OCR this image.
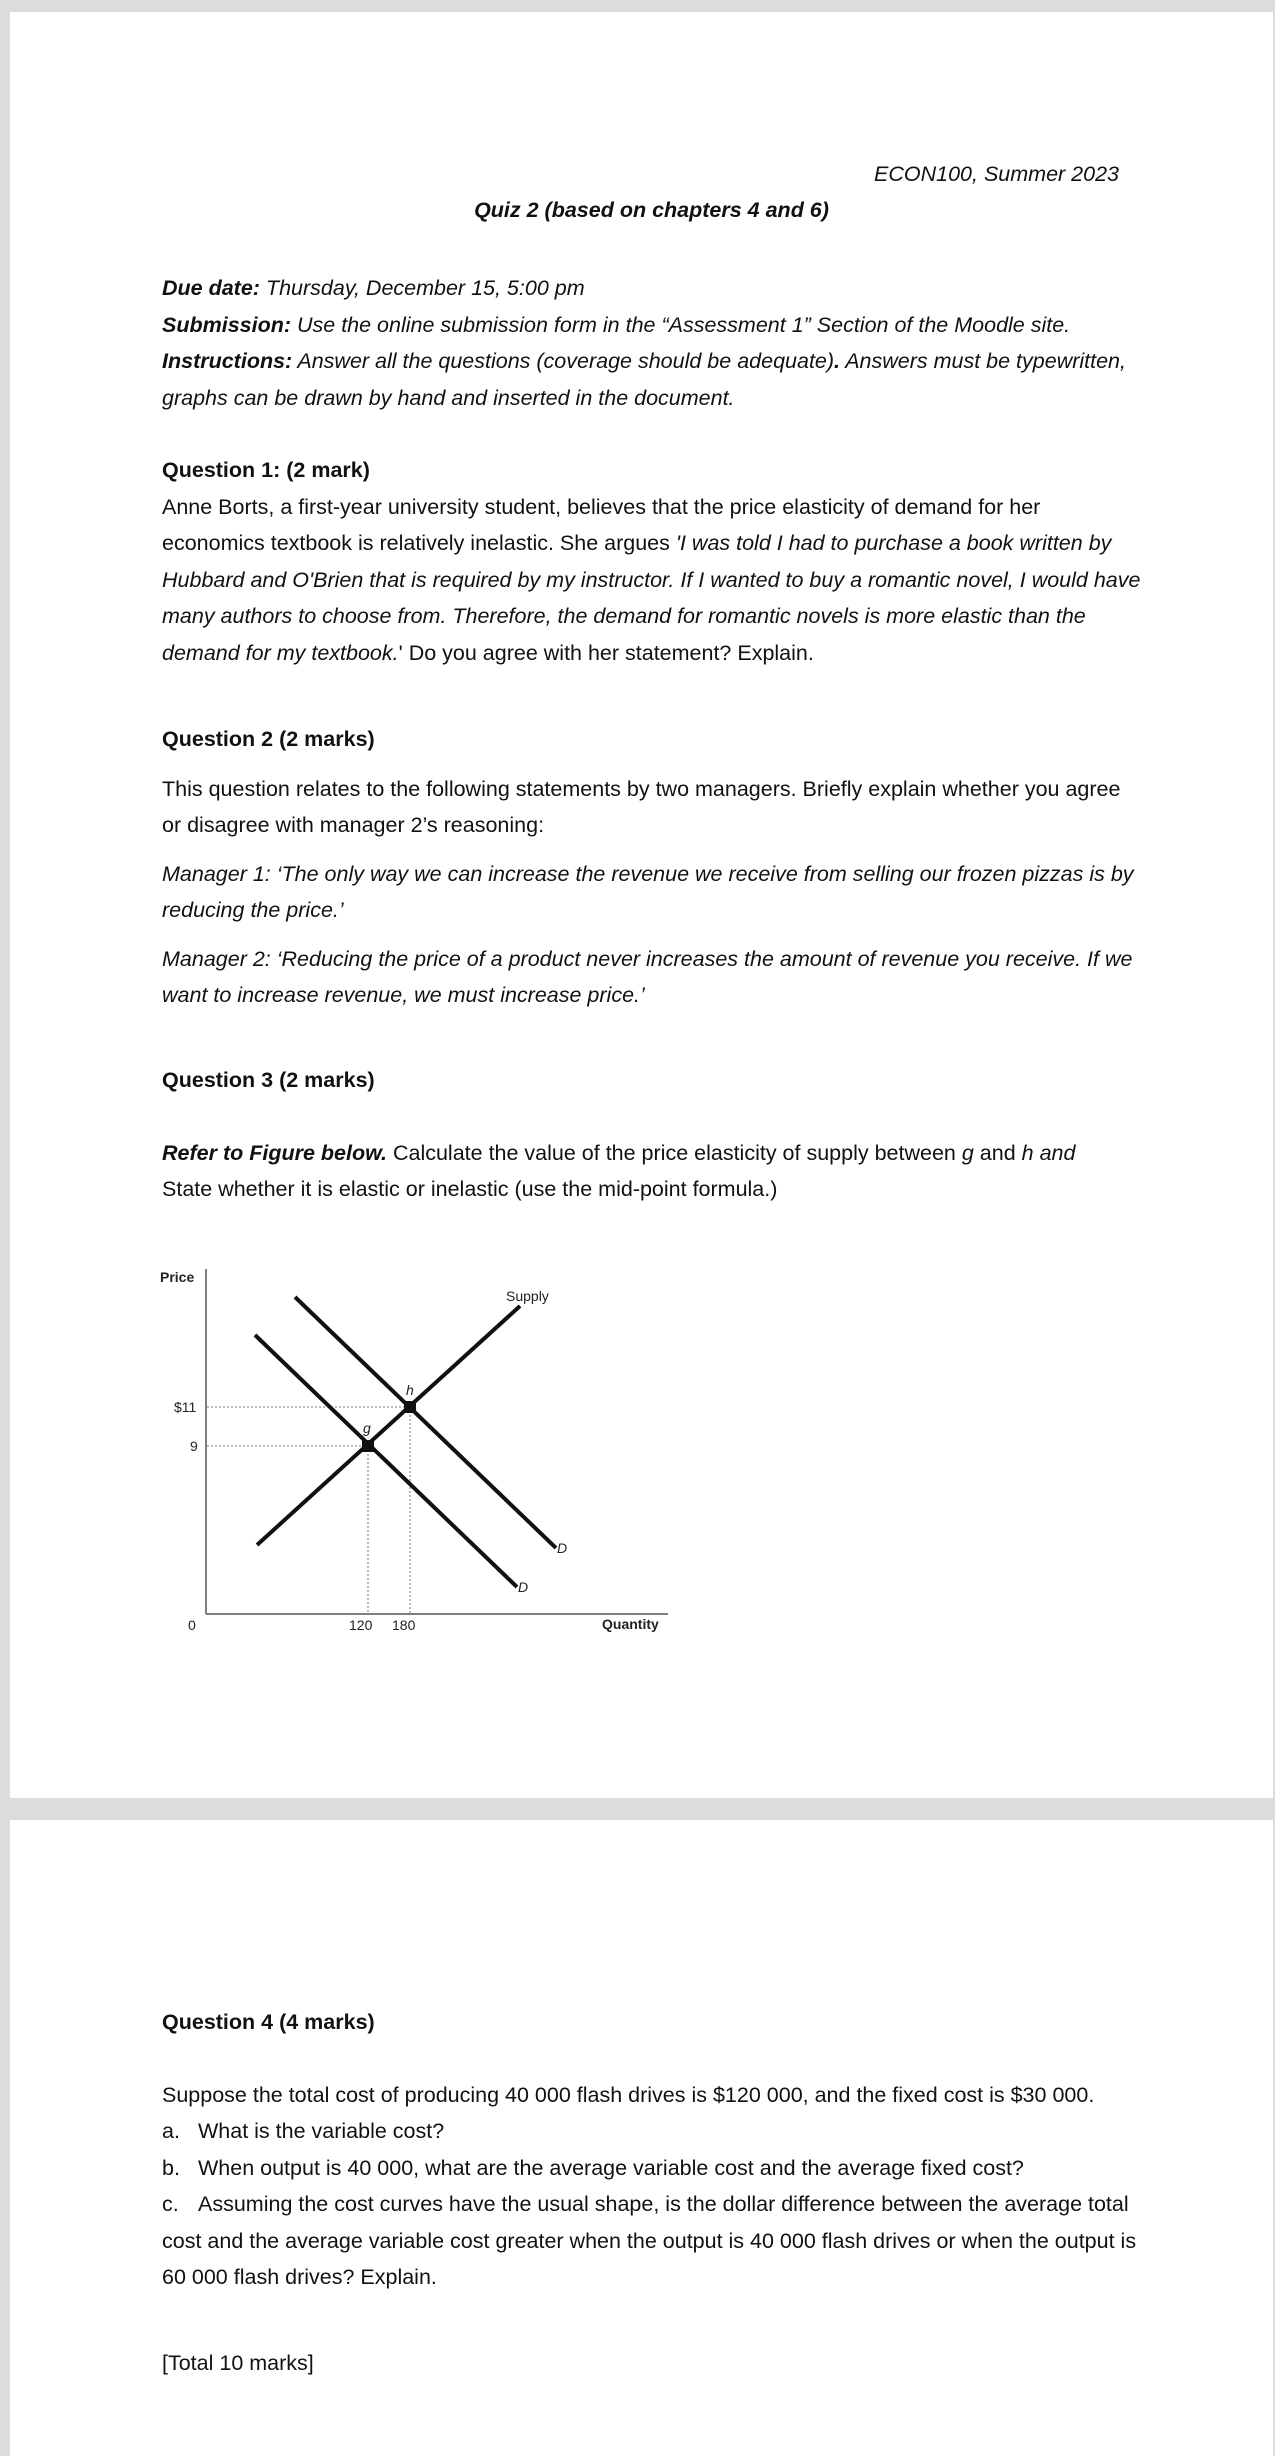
ECON100, Summer 2023
Quiz 2 (based on chapters 4 and 6)

Due date: Thursday, December 15, 5:00 pm

Submission: Use the online submission form in the “Assessment 1” Section of the Moodle site.

Instructions: Answer all the questions (coverage should be adequate). Answers must be typewritten, graphs can be drawn by hand and inserted in the document.

Question 1: (2 mark)

Anne Borts, a first-year university student, believes that the price elasticity of demand for her economics textbook is relatively inelastic. She argues 'I was told I had to purchase a book written by Hubbard and O'Brien that is required by my instructor. If I wanted to buy a romantic novel, I would have many authors to choose from. Therefore, the demand for romantic novels is more elastic than the demand for my textbook.' Do you agree with her statement? Explain.

Question 2 (2 marks)

This question relates to the following statements by two managers. Briefly explain whether you agree or disagree with manager 2’s reasoning:

Manager 1: ‘The only way we can increase the revenue we receive from selling our frozen pizzas is by reducing the price.’

Manager 2: ‘Reducing the price of a product never increases the amount of revenue you receive. If we want to increase revenue, we must increase price.’

Question 3 (2 marks)

Refer to Figure below. Calculate the value of the price elasticity of supply between g and h and

State whether it is elastic or inelastic (use the mid-point formula.)

Price
Quantity
0	120 180
$11
9
Supply
D
D
h
g

Question 4 (4 marks)

Suppose the total cost of producing 40 000 flash drives is $120 000, and the fixed cost is $30 000.

a. What is the variable cost?

b. When output is 40 000, what are the average variable cost and the average fixed cost?

c. Assuming the cost curves have the usual shape, is the dollar difference between the average total cost and the average variable cost greater when the output is 40 000 flash drives or when the output is 60 000 flash drives? Explain.

[Total 10 marks]
